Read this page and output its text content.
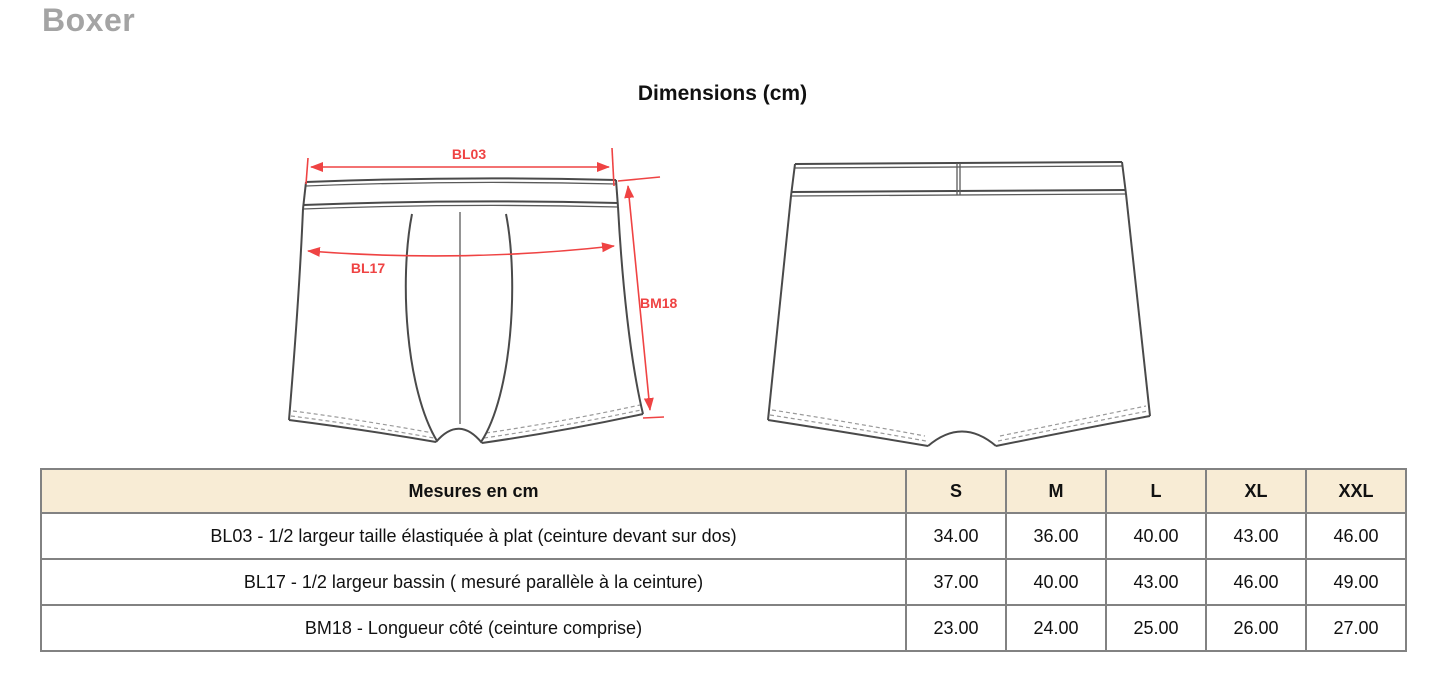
Boxer
Dimensions (cm)
BL03
BL17
BM18
Mesures en cm	S	M	L	XL	XXL
BL03 - 1/2 largeur taille élastiquée à plat (ceinture devant sur dos)	34.00	36.00	40.00	43.00	46.00
BL17 - 1/2 largeur bassin ( mesuré parallèle à la ceinture)	37.00	40.00	43.00	46.00	49.00
BM18 - Longueur côté (ceinture comprise)	23.00	24.00	25.00	26.00	27.00
